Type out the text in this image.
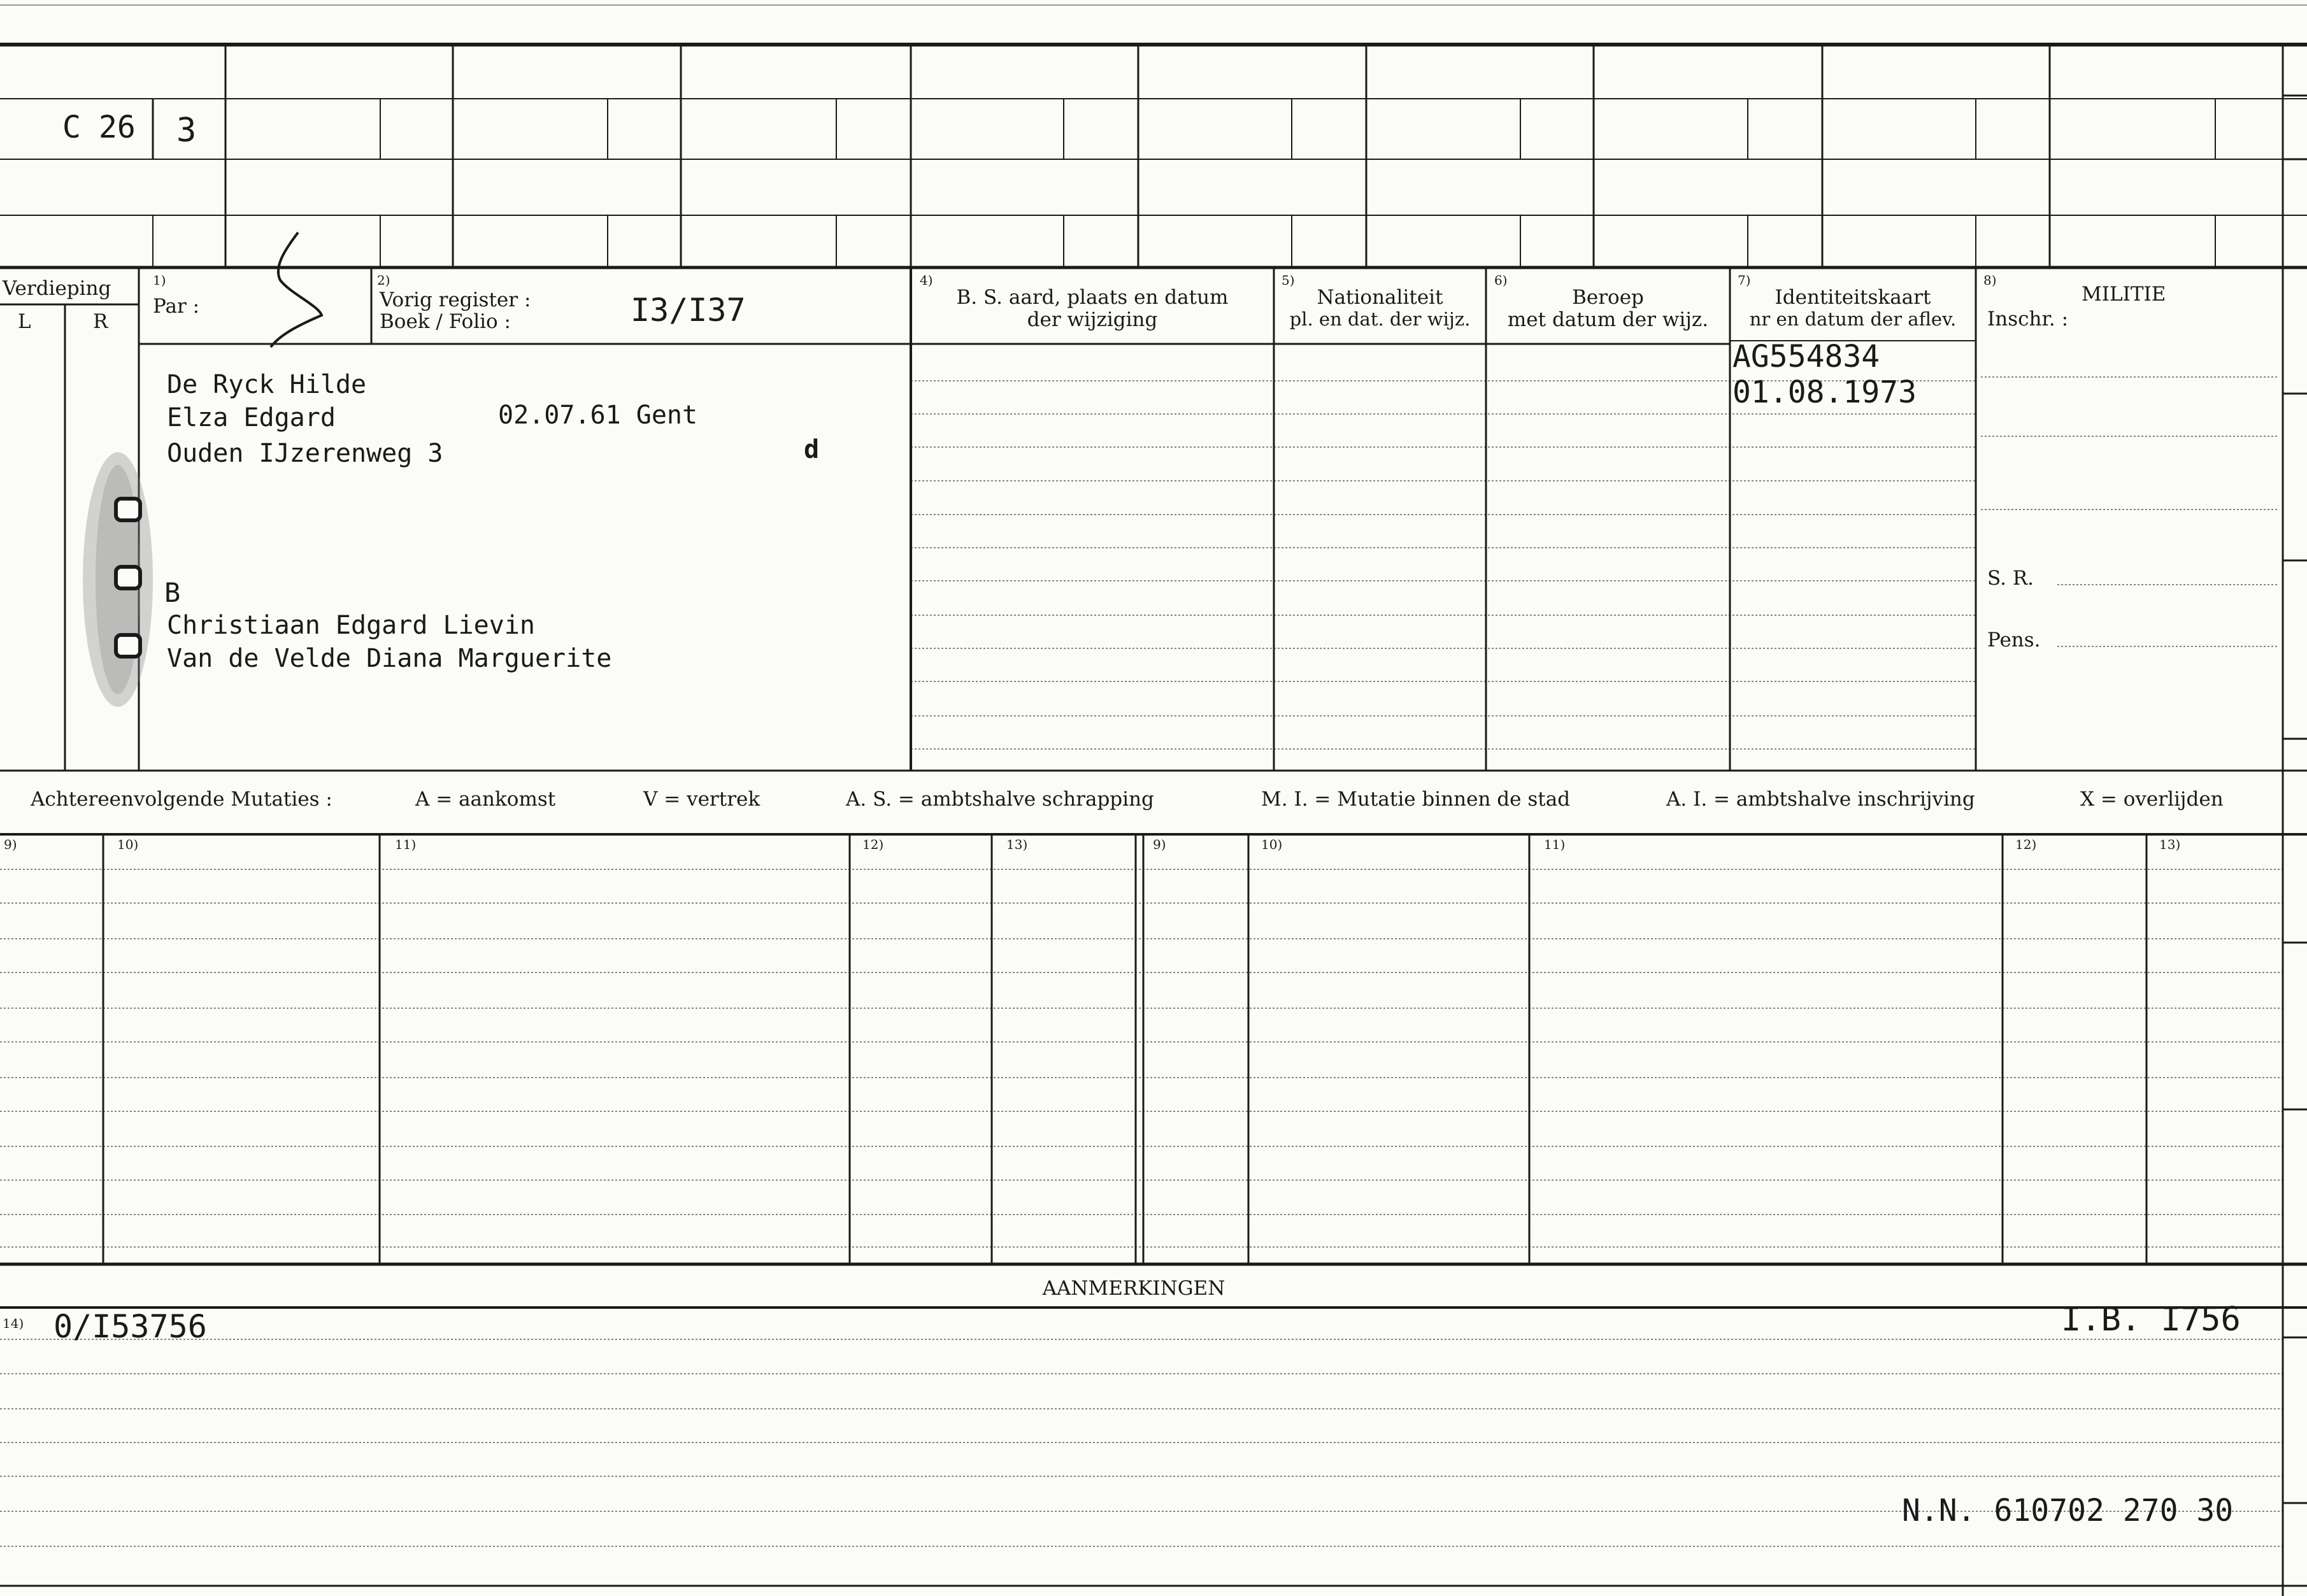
C 26 3
Verdieping
L	R
1)
Par :
2)
Vorig register :
Boek / Folio :	I3/I37
4)
B. S. aard, plaats en datum
der wijziging
5)
Nationaliteit
pl. en dat. der wijz.
6)
Beroep
met datum der wijz.
7)
Identiteitskaart
nr en datum der aflev.
8)
MILITIE
Inschr. :
S. R.
Pens.
De Ryck Hilde
Elza Edgard	02.07.61 Gent
Ouden IJzerenweg 3	d
B
Christiaan Edgard Lievin
Van de Velde Diana Marguerite
AG554834
01.08.1973
Achtereenvolgende Mutaties :	A = aankomst	V = vertrek	A. S. = ambtshalve schrapping	M. I. = Mutatie binnen de stad	A. I. = ambtshalve inschrijving	X = overlijden
9)	10)	11)	12)	13)	9)	10)	11)	12)	13)
AANMERKINGEN
14) 0/I53756	I.B. I756
N.N. 610702 270 30
